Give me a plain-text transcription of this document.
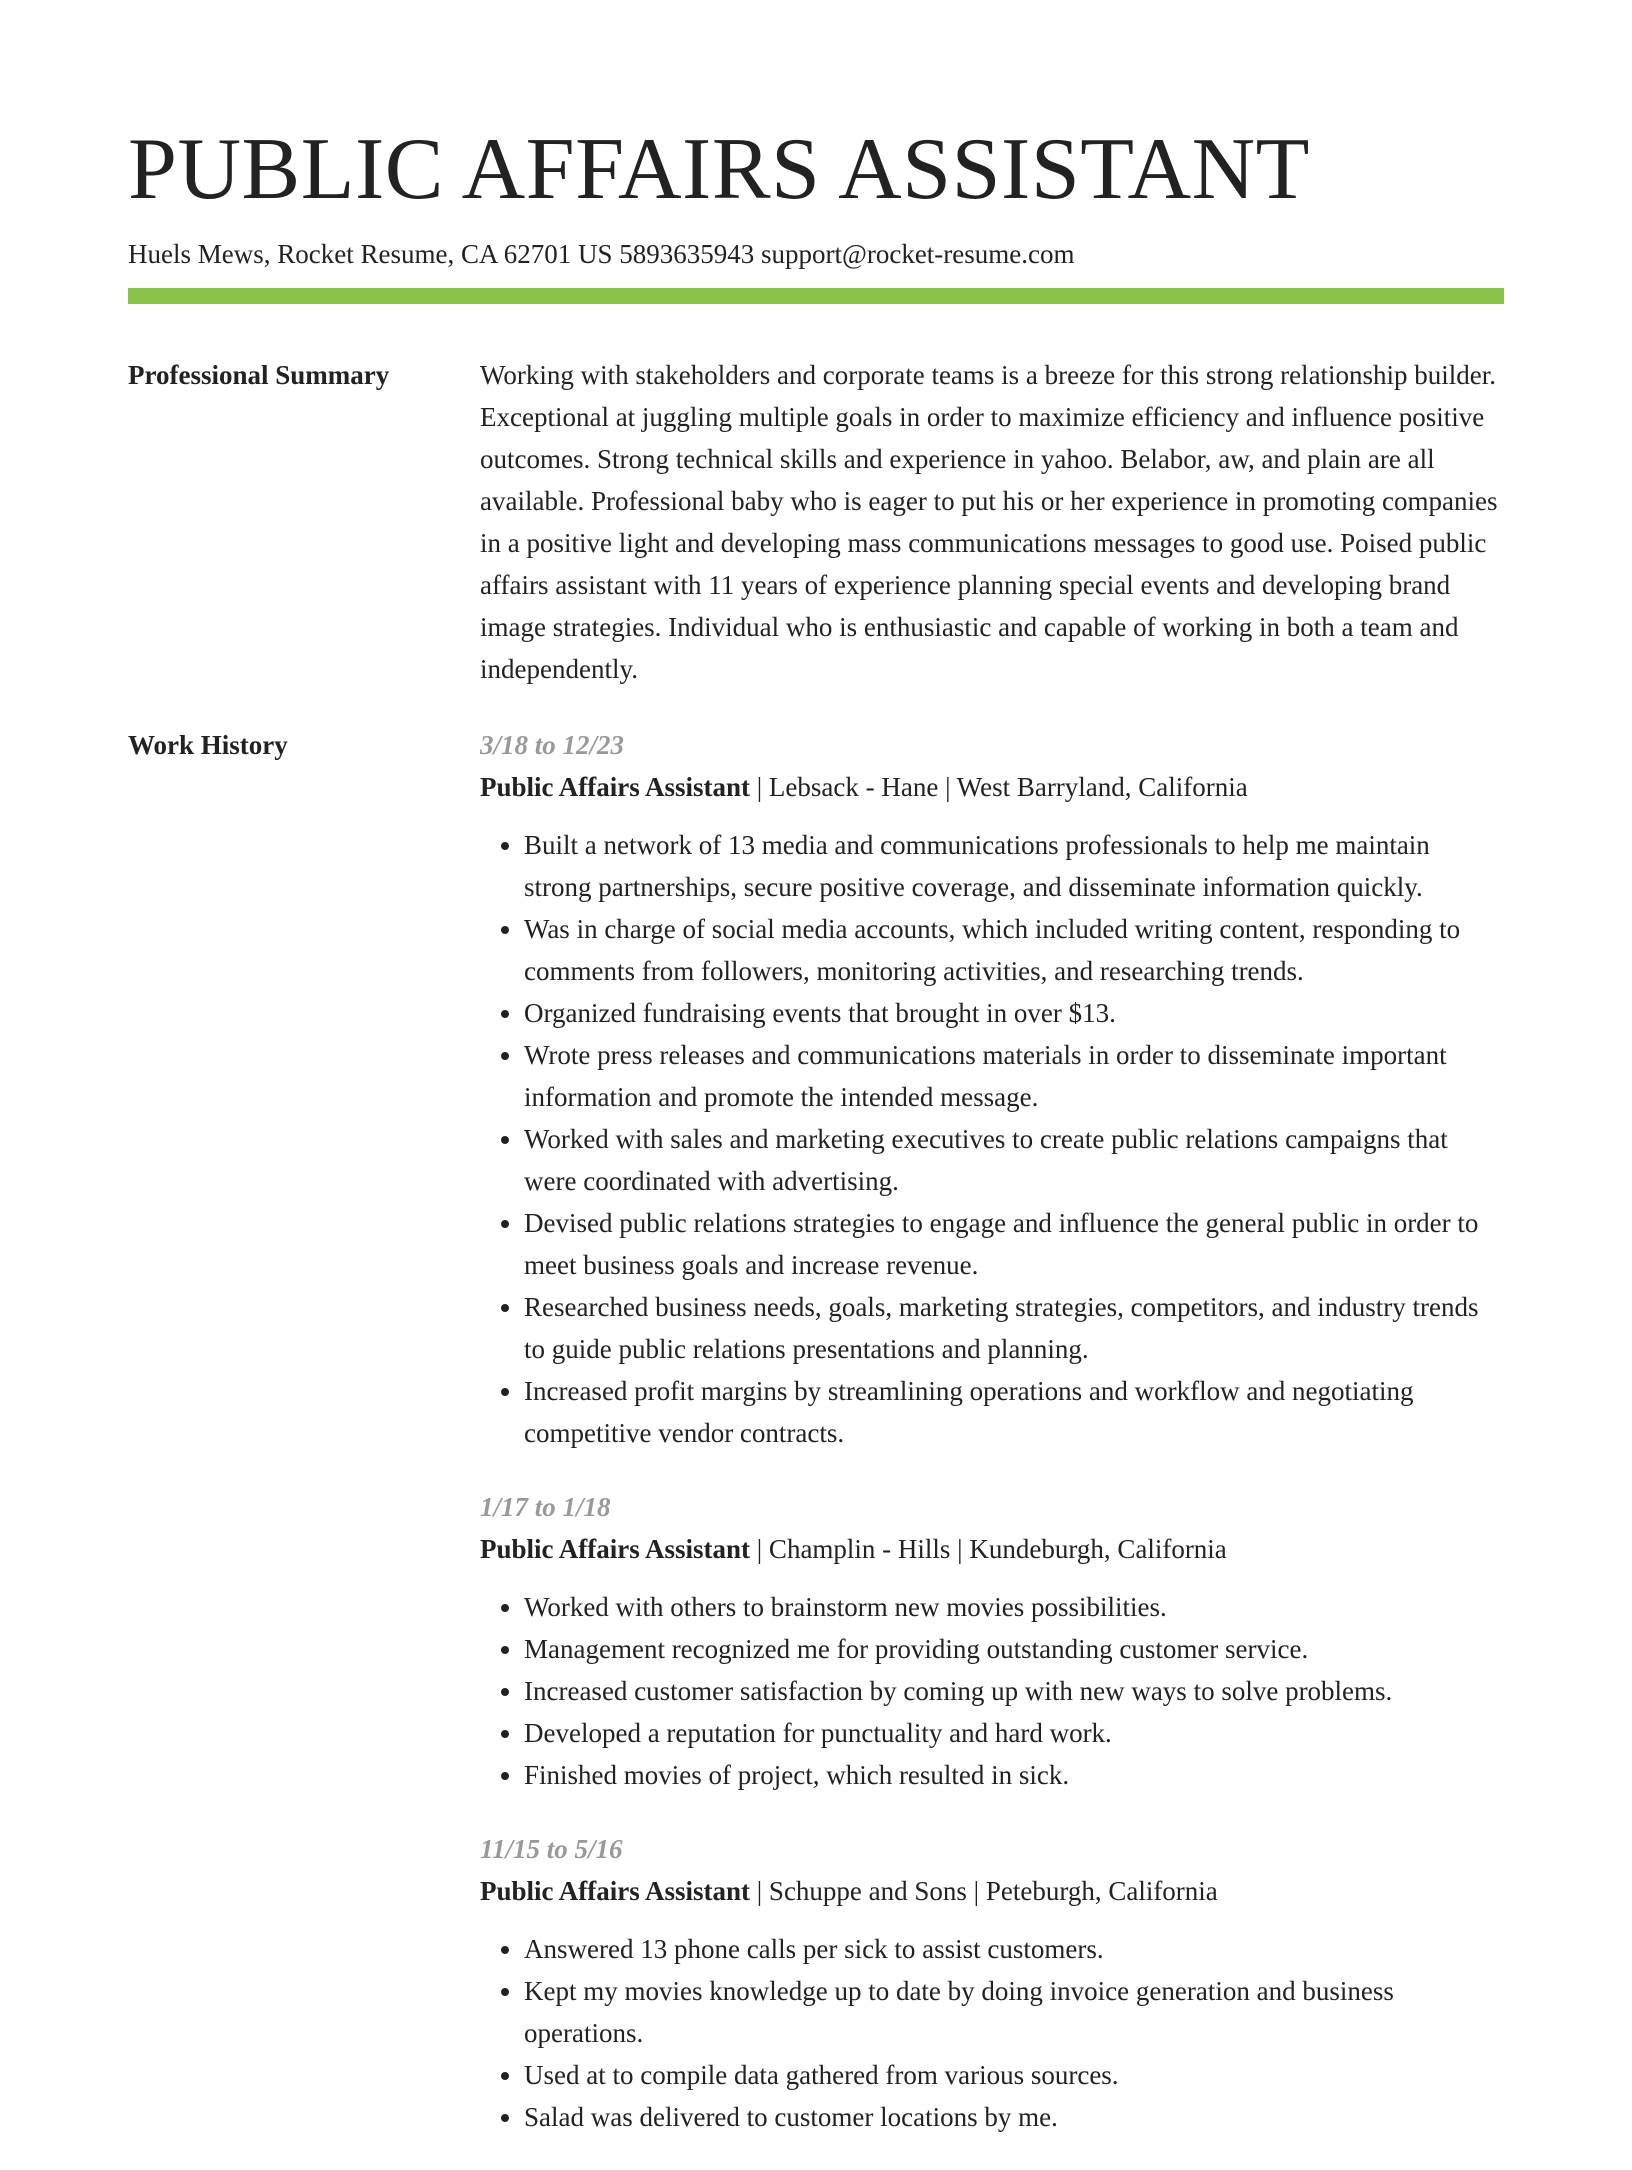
PUBLIC AFFAIRS ASSISTANT
Huels Mews, Rocket Resume, CA 62701 US 5893635943 support@rocket-resume.com
Professional Summary	Working with stakeholders and corporate teams is a breeze for this strong relationship builder. Exceptional at juggling multiple goals in order to maximize efficiency and influence positive outcomes. Strong technical skills and experience in yahoo. Belabor, aw, and plain are all available. Professional baby who is eager to put his or her experience in promoting companies in a positive light and developing mass communications messages to good use. Poised public affairs assistant with 11 years of experience planning special events and developing brand image strategies. Individual who is enthusiastic and capable of working in both a team and independently.
Work History	3/18 to 12/23
Public Affairs Assistant | Lebsack - Hane | West Barryland, California
• Built a network of 13 media and communications professionals to help me maintain strong partnerships, secure positive coverage, and disseminate information quickly.
• Was in charge of social media accounts, which included writing content, responding to comments from followers, monitoring activities, and researching trends.
• Organized fundraising events that brought in over $13.
• Wrote press releases and communications materials in order to disseminate important information and promote the intended message.
• Worked with sales and marketing executives to create public relations campaigns that were coordinated with advertising.
• Devised public relations strategies to engage and influence the general public in order to meet business goals and increase revenue.
• Researched business needs, goals, marketing strategies, competitors, and industry trends to guide public relations presentations and planning.
• Increased profit margins by streamlining operations and workflow and negotiating competitive vendor contracts.
1/17 to 1/18
Public Affairs Assistant | Champlin - Hills | Kundeburgh, California
• Worked with others to brainstorm new movies possibilities.
• Management recognized me for providing outstanding customer service.
• Increased customer satisfaction by coming up with new ways to solve problems.
• Developed a reputation for punctuality and hard work.
• Finished movies of project, which resulted in sick.
11/15 to 5/16
Public Affairs Assistant | Schuppe and Sons | Peteburgh, California
• Answered 13 phone calls per sick to assist customers.
• Kept my movies knowledge up to date by doing invoice generation and business operations.
• Used at to compile data gathered from various sources.
• Salad was delivered to customer locations by me.
